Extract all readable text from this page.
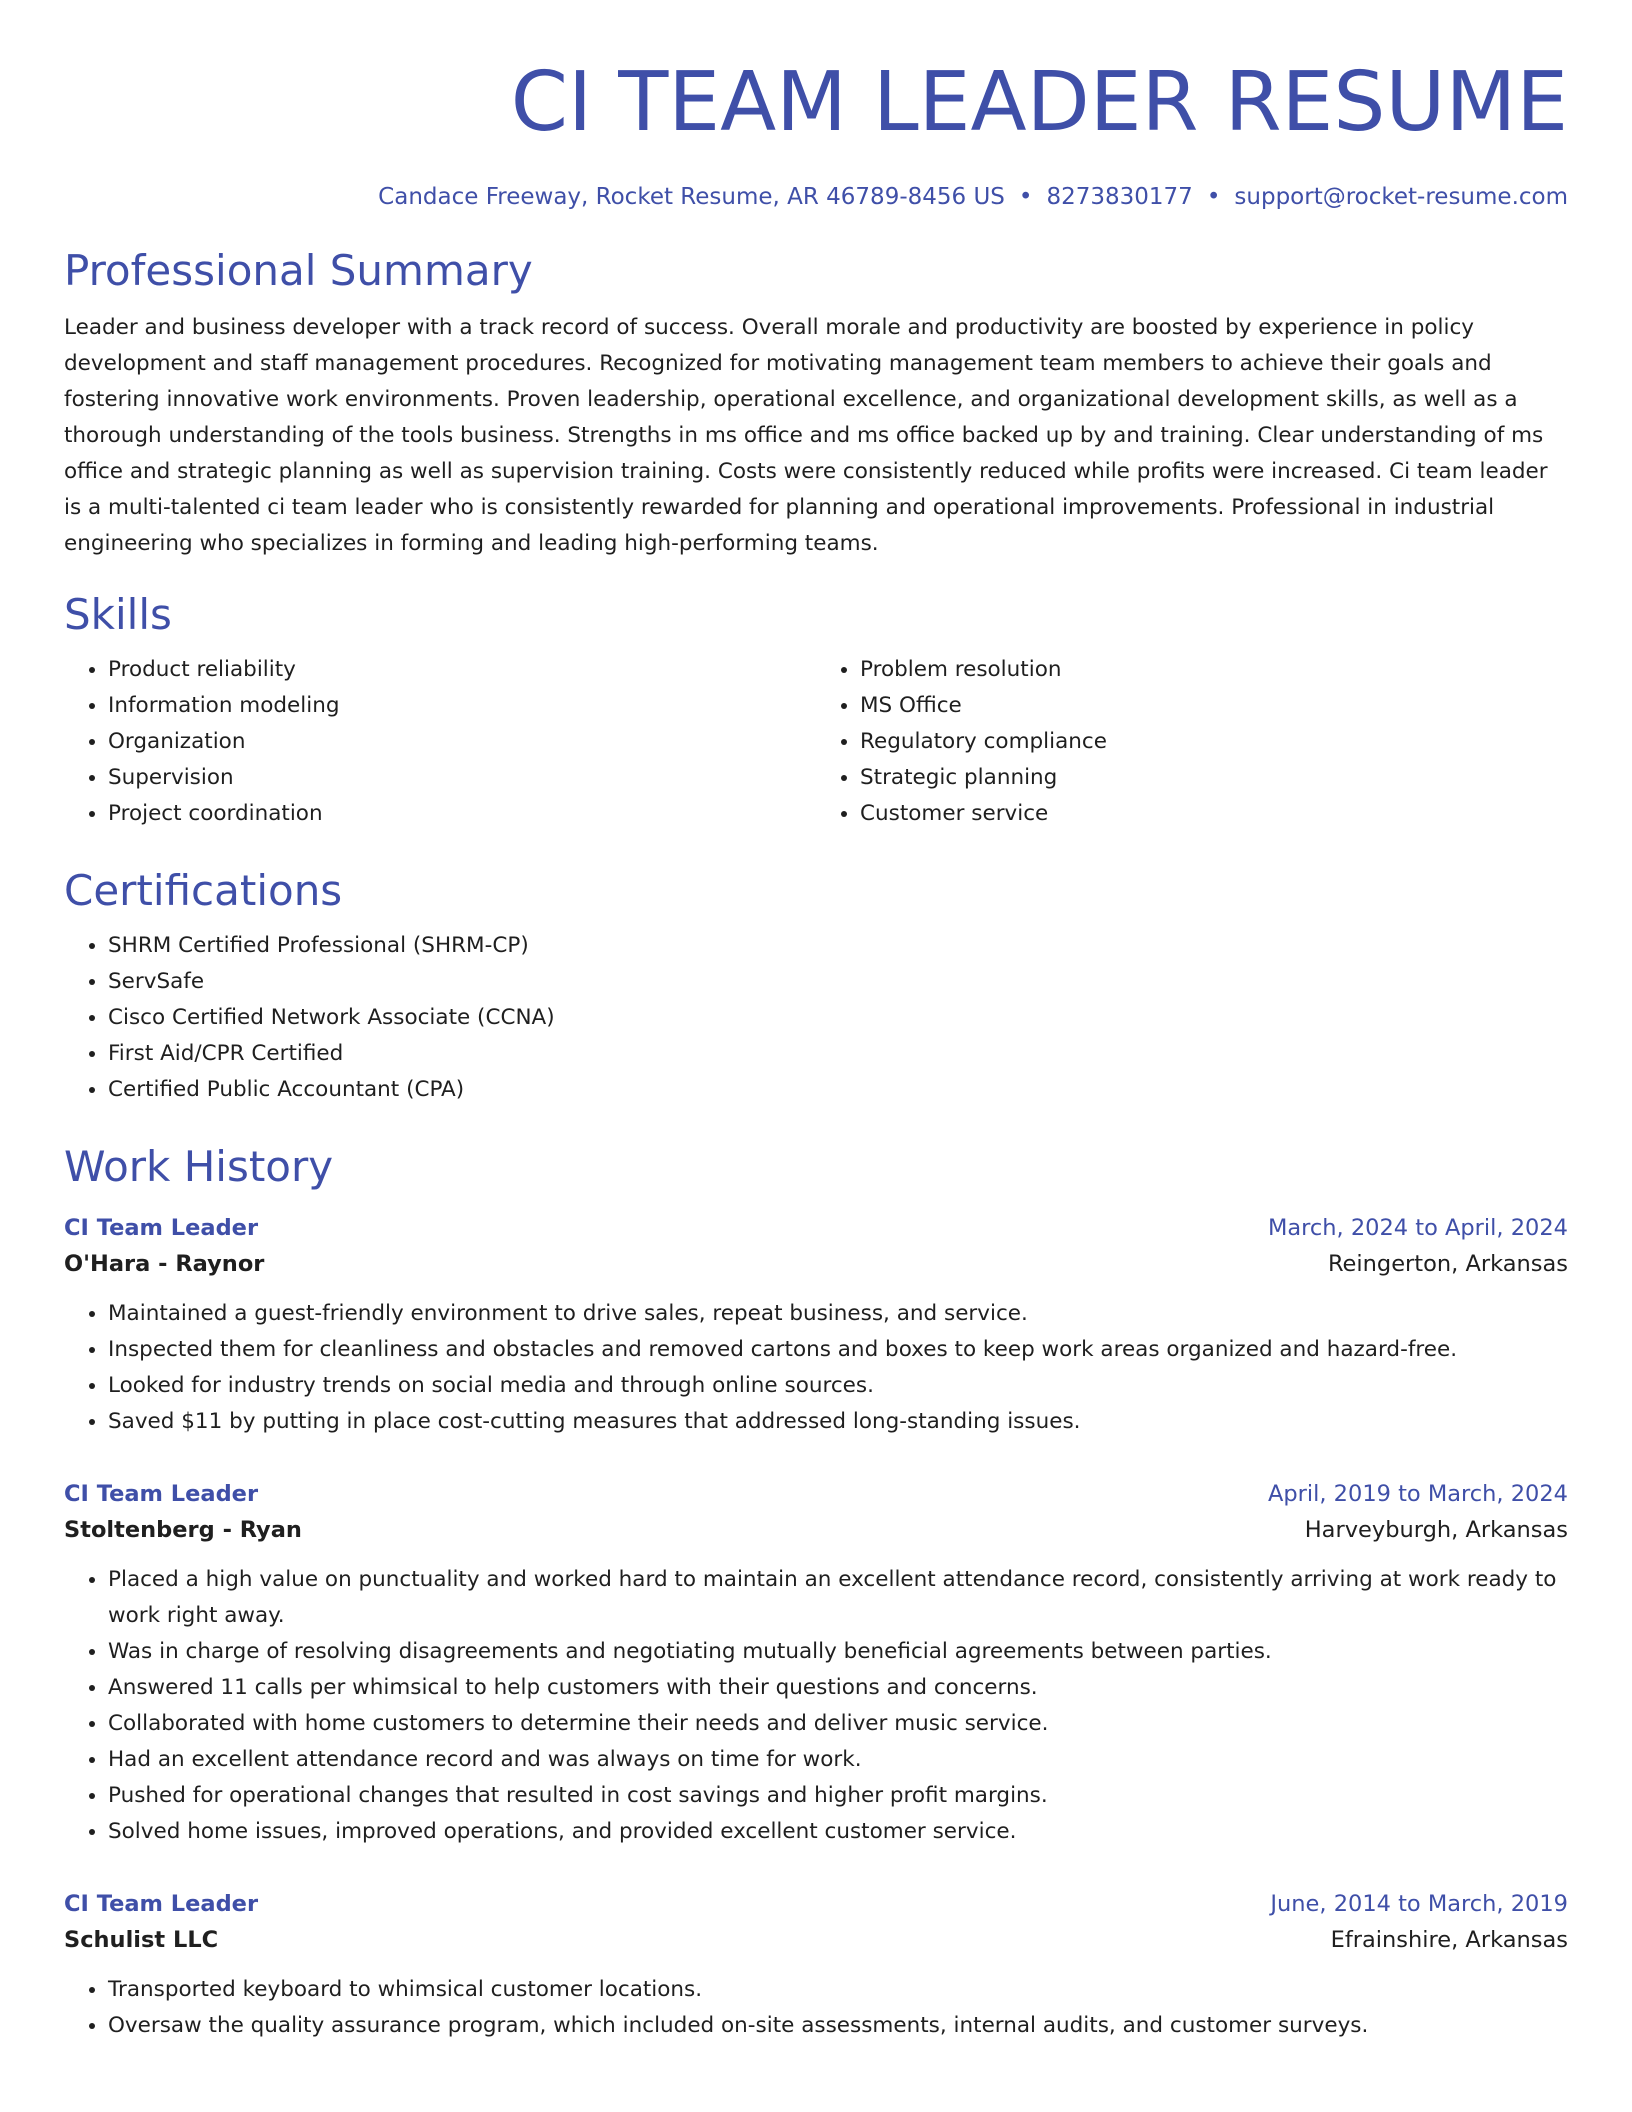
CI TEAM LEADER RESUME
Candace Freeway, Rocket Resume, AR 46789-8456 US • 8273830177 • support@rocket-resume.com
Professional Summary

Leader and business developer with a track record of success. Overall morale and productivity are boosted by experience in policy development and staff management procedures. Recognized for motivating management team members to achieve their goals and fostering innovative work environments. Proven leadership, operational excellence, and organizational development skills, as well as a thorough understanding of the tools business. Strengths in ms office and ms office backed up by and training. Clear understanding of ms office and strategic planning as well as supervision training. Costs were consistently reduced while profits were increased. Ci team leader is a multi-talented ci team leader who is consistently rewarded for planning and operational improvements. Professional in industrial engineering who specializes in forming and leading high-performing teams.

Skills
• Product reliability
• Information modeling
• Organization
• Supervision
• Project coordination
• Problem resolution
• MS Office
• Regulatory compliance
• Strategic planning
• Customer service
Certifications
• SHRM Certified Professional (SHRM-CP)
• ServSafe
• Cisco Certified Network Associate (CCNA)
• First Aid/CPR Certified
• Certified Public Accountant (CPA)
Work History
CI Team Leader	March, 2024 to April, 2024
O'Hara - Raynor	Reingerton, Arkansas
• Maintained a guest-friendly environment to drive sales, repeat business, and service.
• Inspected them for cleanliness and obstacles and removed cartons and boxes to keep work areas organized and hazard-free.
• Looked for industry trends on social media and through online sources.
• Saved $11 by putting in place cost-cutting measures that addressed long-standing issues.
CI Team Leader	April, 2019 to March, 2024
Stoltenberg - Ryan	Harveyburgh, Arkansas
• Placed a high value on punctuality and worked hard to maintain an excellent attendance record, consistently arriving at work ready to work right away.
• Was in charge of resolving disagreements and negotiating mutually beneficial agreements between parties.
• Answered 11 calls per whimsical to help customers with their questions and concerns.
• Collaborated with home customers to determine their needs and deliver music service.
• Had an excellent attendance record and was always on time for work.
• Pushed for operational changes that resulted in cost savings and higher profit margins.
• Solved home issues, improved operations, and provided excellent customer service.
CI Team Leader	June, 2014 to March, 2019
Schulist LLC	Efrainshire, Arkansas
• Transported keyboard to whimsical customer locations.
• Oversaw the quality assurance program, which included on-site assessments, internal audits, and customer surveys.
